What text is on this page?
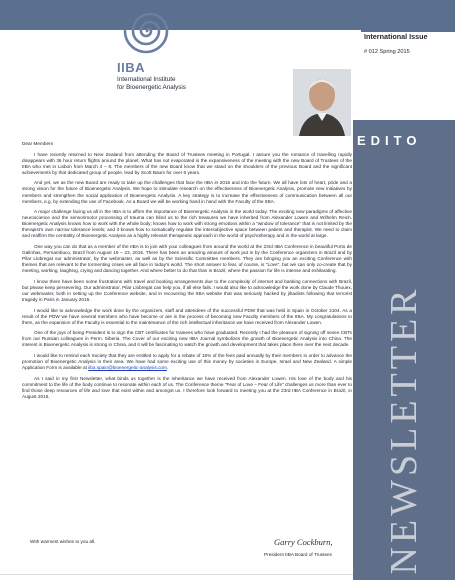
IIBA
International Institute
for Bioenergetic Analysis
International Issue
# 012 Spring 2015
EDITO
NEWSLETTER

Dear Members

I have recently returned to New Zealand from attending the Board of Trustees meeting in Portugal. I assure you the romance of travelling rapidly disappears with 36 hour return flights around the planet. What has not evaporated is the expansiveness of the meeting with the new Board of Trustees of the IIBA who met in Lisbon from March 4 – 8. The members of the new Board know that we stand on the shoulders of the previous Board and the significant achievements by that dedicated group of people, lead by Scott Baum for over 6 years.

And yet, we as the new Board are ready to take up the challenges that face the IIBA in 2015 and into the future. We all have lots of heart, pride and a strong vision for the future of Bioenergetic Analysis. We hope to stimulate research on the effectiveness of Bioenergetic Analysis, promote new initiatives by members and strengthen the social application of Bioenergetic Analysis. A key strategy is to increase the effectiveness of communication between all our members, e.g. by extending the use of Facebook. As a Board we will be working hand in hand with the Faculty of the IIBA.

A major challenge facing us all in the IIBA is to affirm the importance of Bioenergetic Analysis in the world today. The exciting new paradigms of affective neuroscience and the sensorimotor processing of trauma can blind us to the rich treasures we have inherited from Alexander Lowen and Wilhelm Reich. Bioenergetic Analysis knows how to work with the whole body; knows how to work with strong emotions within a "window of tolerance" that is not limited by the therapist's own narrow tolerance levels; and it knows how to somatically regulate the intersubjective space between patient and therapist. We need to claim and reaffirm the centrality of Bioenergetic Analysis as a highly relevant therapeutic approach in the world of psychotherapy and in the world at large.

One way you can do that as a member of the IIBA is to join with your colleagues from around the world at the 23rd IIBA Conference in beautiful Porto de Galinhas, Pernambuco, Brazil from August 19 – 23, 2015. There has been an amazing amount of work put in by the Conference organizers in Brazil and by Pilar Llobregat our administrator, by the webmaster, as well as by the Scientific Committee members. They are bringing you an exciting Conference with themes that are relevant to the tormenting crises we all face in today's world. The short answer to fear, of course, is "Love", but we can only co-create that by meeting, working, laughing, crying and dancing together. And where better to do that than in Brazil, where the passion for life is intense and exhilarating.

I know there have been some frustrations with travel and booking arrangements due to the complexity of internet and banking connections with Brazil, but please keep persevering. Our administrator, Pilar Llobregat can help you, if all else fails. I would also like to acknowledge the work done by Claude Thouex, our webmaster, both in setting up the Conference website, and in recovering the IIBA website that was seriously hacked by jihadists following that terrorist tragedy in Paris in January 2015.

I would like to acknowledge the work done by the organizers, staff and attendees of the successful PDW that was held in Spain in October 2104. As a result of the PDW we have several members who have become or are in the process of becoming new Faculty members of the IIBA. My congratulations to them, as the expansion of the Faculty is essential to the maintenance of the rich intellectual inheritance we have received from Alexander Lowen.

One of the joys of being President is to sign the CBT certificates for trainees who have graduated. Recently I had the pleasure of signing off seven CBTs from our Russian colleagues in Perm, Siberia. The Cover of our exciting new IIBA Journal symbolizes the growth of Bioenergetic Analysis into China. The interest in Bioenergetic Analysis is strong in China, and it will be fascinating to watch the growth and development that takes place there over the next decade.

I would like to remind each Society that they are entitled to apply for a rebate of 15% of the fees paid annually by their members in order to advance the promotion of Bioenergetic Analysis in their area. We have had some exciting use of this money by societies in Europe, Israel and New Zealand. A simple Application Form is available at iiba.spain@bioenergetic-analysis.com.

As I said in my first Newsletter, what binds us together is the inheritance we have received from Alexander Lowen. His love of the body and his commitment to the life of the body continue to resonate within each of us. The Conference theme "Fear of Love – Fear of Life" challenges us more than ever to find those deep resources of life and love that exist within and amongst us. I therefore look forward to meeting you at the 23rd IIBA Conference in Brazil, in August 2015.

With warmest wishes to you all.	Garry Cockburn,
President IIBA Board of Trustees
